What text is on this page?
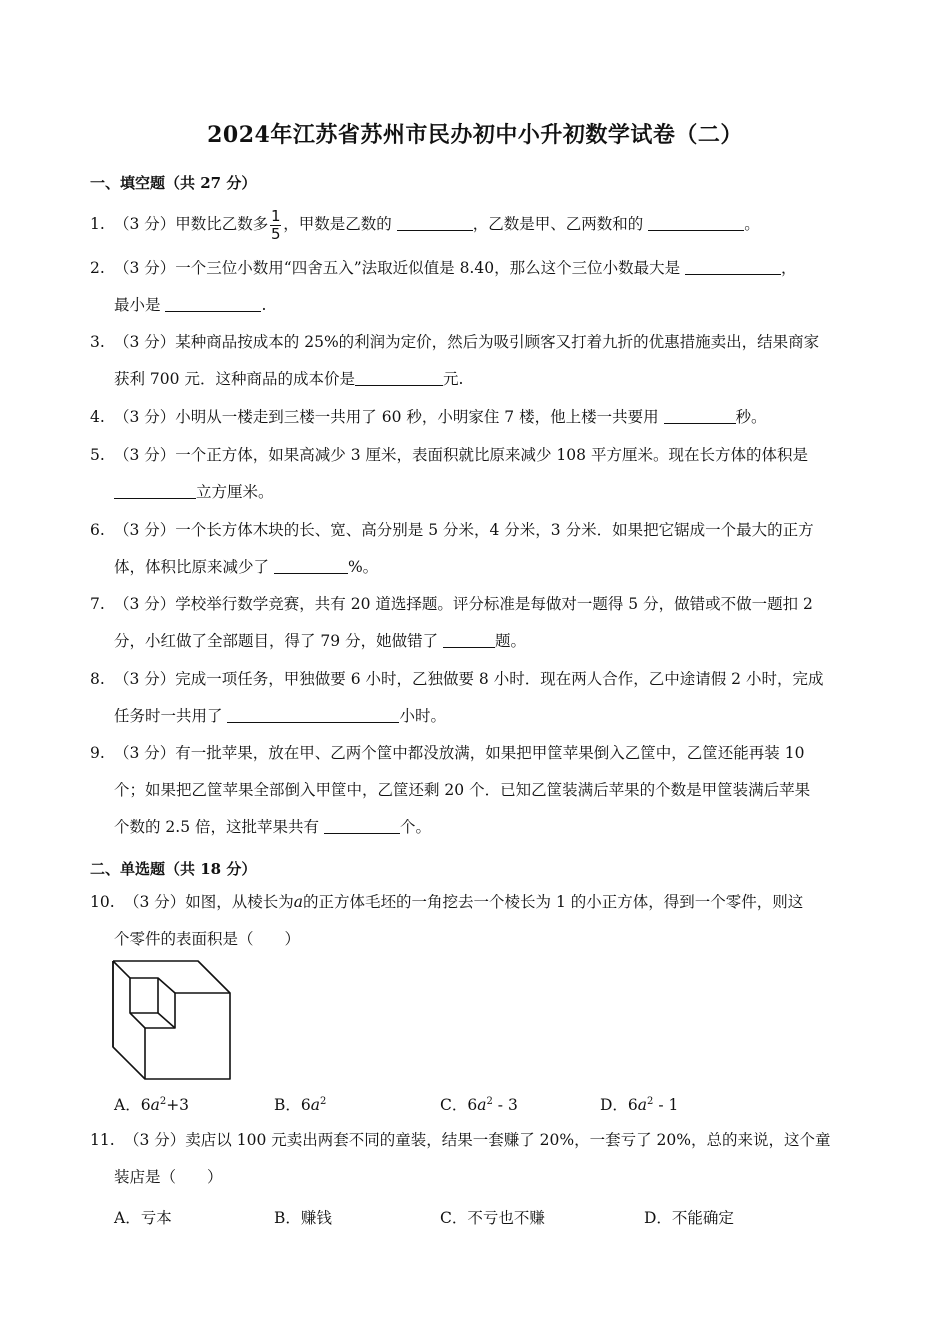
2024年江苏省苏州市民办初中小升初数学试卷（二）
一、填空题（共 27 分）
1. （3 分）甲数比乙数多 $\frac{1}{5}$ ，甲数是乙数的	，乙数是甲、乙两数和的	。
2. （3 分）一个三位小数用“四舍五入”法取近似值是 8.40，那么这个三位小数最大是	，
最小是	.
3. （3 分）某种商品按成本的 25%的利润为定价，然后为吸引顾客又打着九折的优惠措施卖出，结果商家
获利 700 元．这种商品的成本价是	元.
4. （3 分）小明从一楼走到三楼一共用了 60 秒，小明家住 7 楼，他上楼一共要用	秒。
5. （3 分）一个正方体，如果高减少 3 厘米，表面积就比原来减少 108 平方厘米。现在长方体的体积是
立方厘米。
6. （3 分）一个长方体木块的长、宽、高分别是 5 分米，4 分米，3 分米．如果把它锯成一个最大的正方
体，体积比原来减少了	%。
7. （3 分）学校举行数学竞赛，共有 20 道选择题。评分标准是每做对一题得 5 分，做错或不做一题扣 2
分，小红做了全部题目，得了 79 分，她做错了	题。
8. （3 分）完成一项任务，甲独做要 6 小时，乙独做要 8 小时．现在两人合作，乙中途请假 2 小时，完成
任务时一共用了	小时。
9. （3 分）有一批苹果，放在甲、乙两个筐中都没放满，如果把甲筐苹果倒入乙筐中，乙筐还能再装 10
个；如果把乙筐苹果全部倒入甲筐中，乙筐还剩 20 个．已知乙筐装满后苹果的个数是甲筐装满后苹果
个数的 2.5 倍，这批苹果共有	个。
二、单选题（共 18 分）
10. （3 分）如图，从棱长为a的正方体毛坯的一角挖去一个棱长为 1 的小正方体，得到一个零件，则这
个零件的表面积是（　　）
A．$6a^2+3$	B．$6a^2$	C．$6a^2 - 3$	D．$6a^2 - 1$
11. （3 分）卖店以 100 元卖出两套不同的童装，结果一套赚了 20%，一套亏了 20%，总的来说，这个童
装店是（　　）
A．亏本	B．赚钱	C．不亏也不赚	D．不能确定
